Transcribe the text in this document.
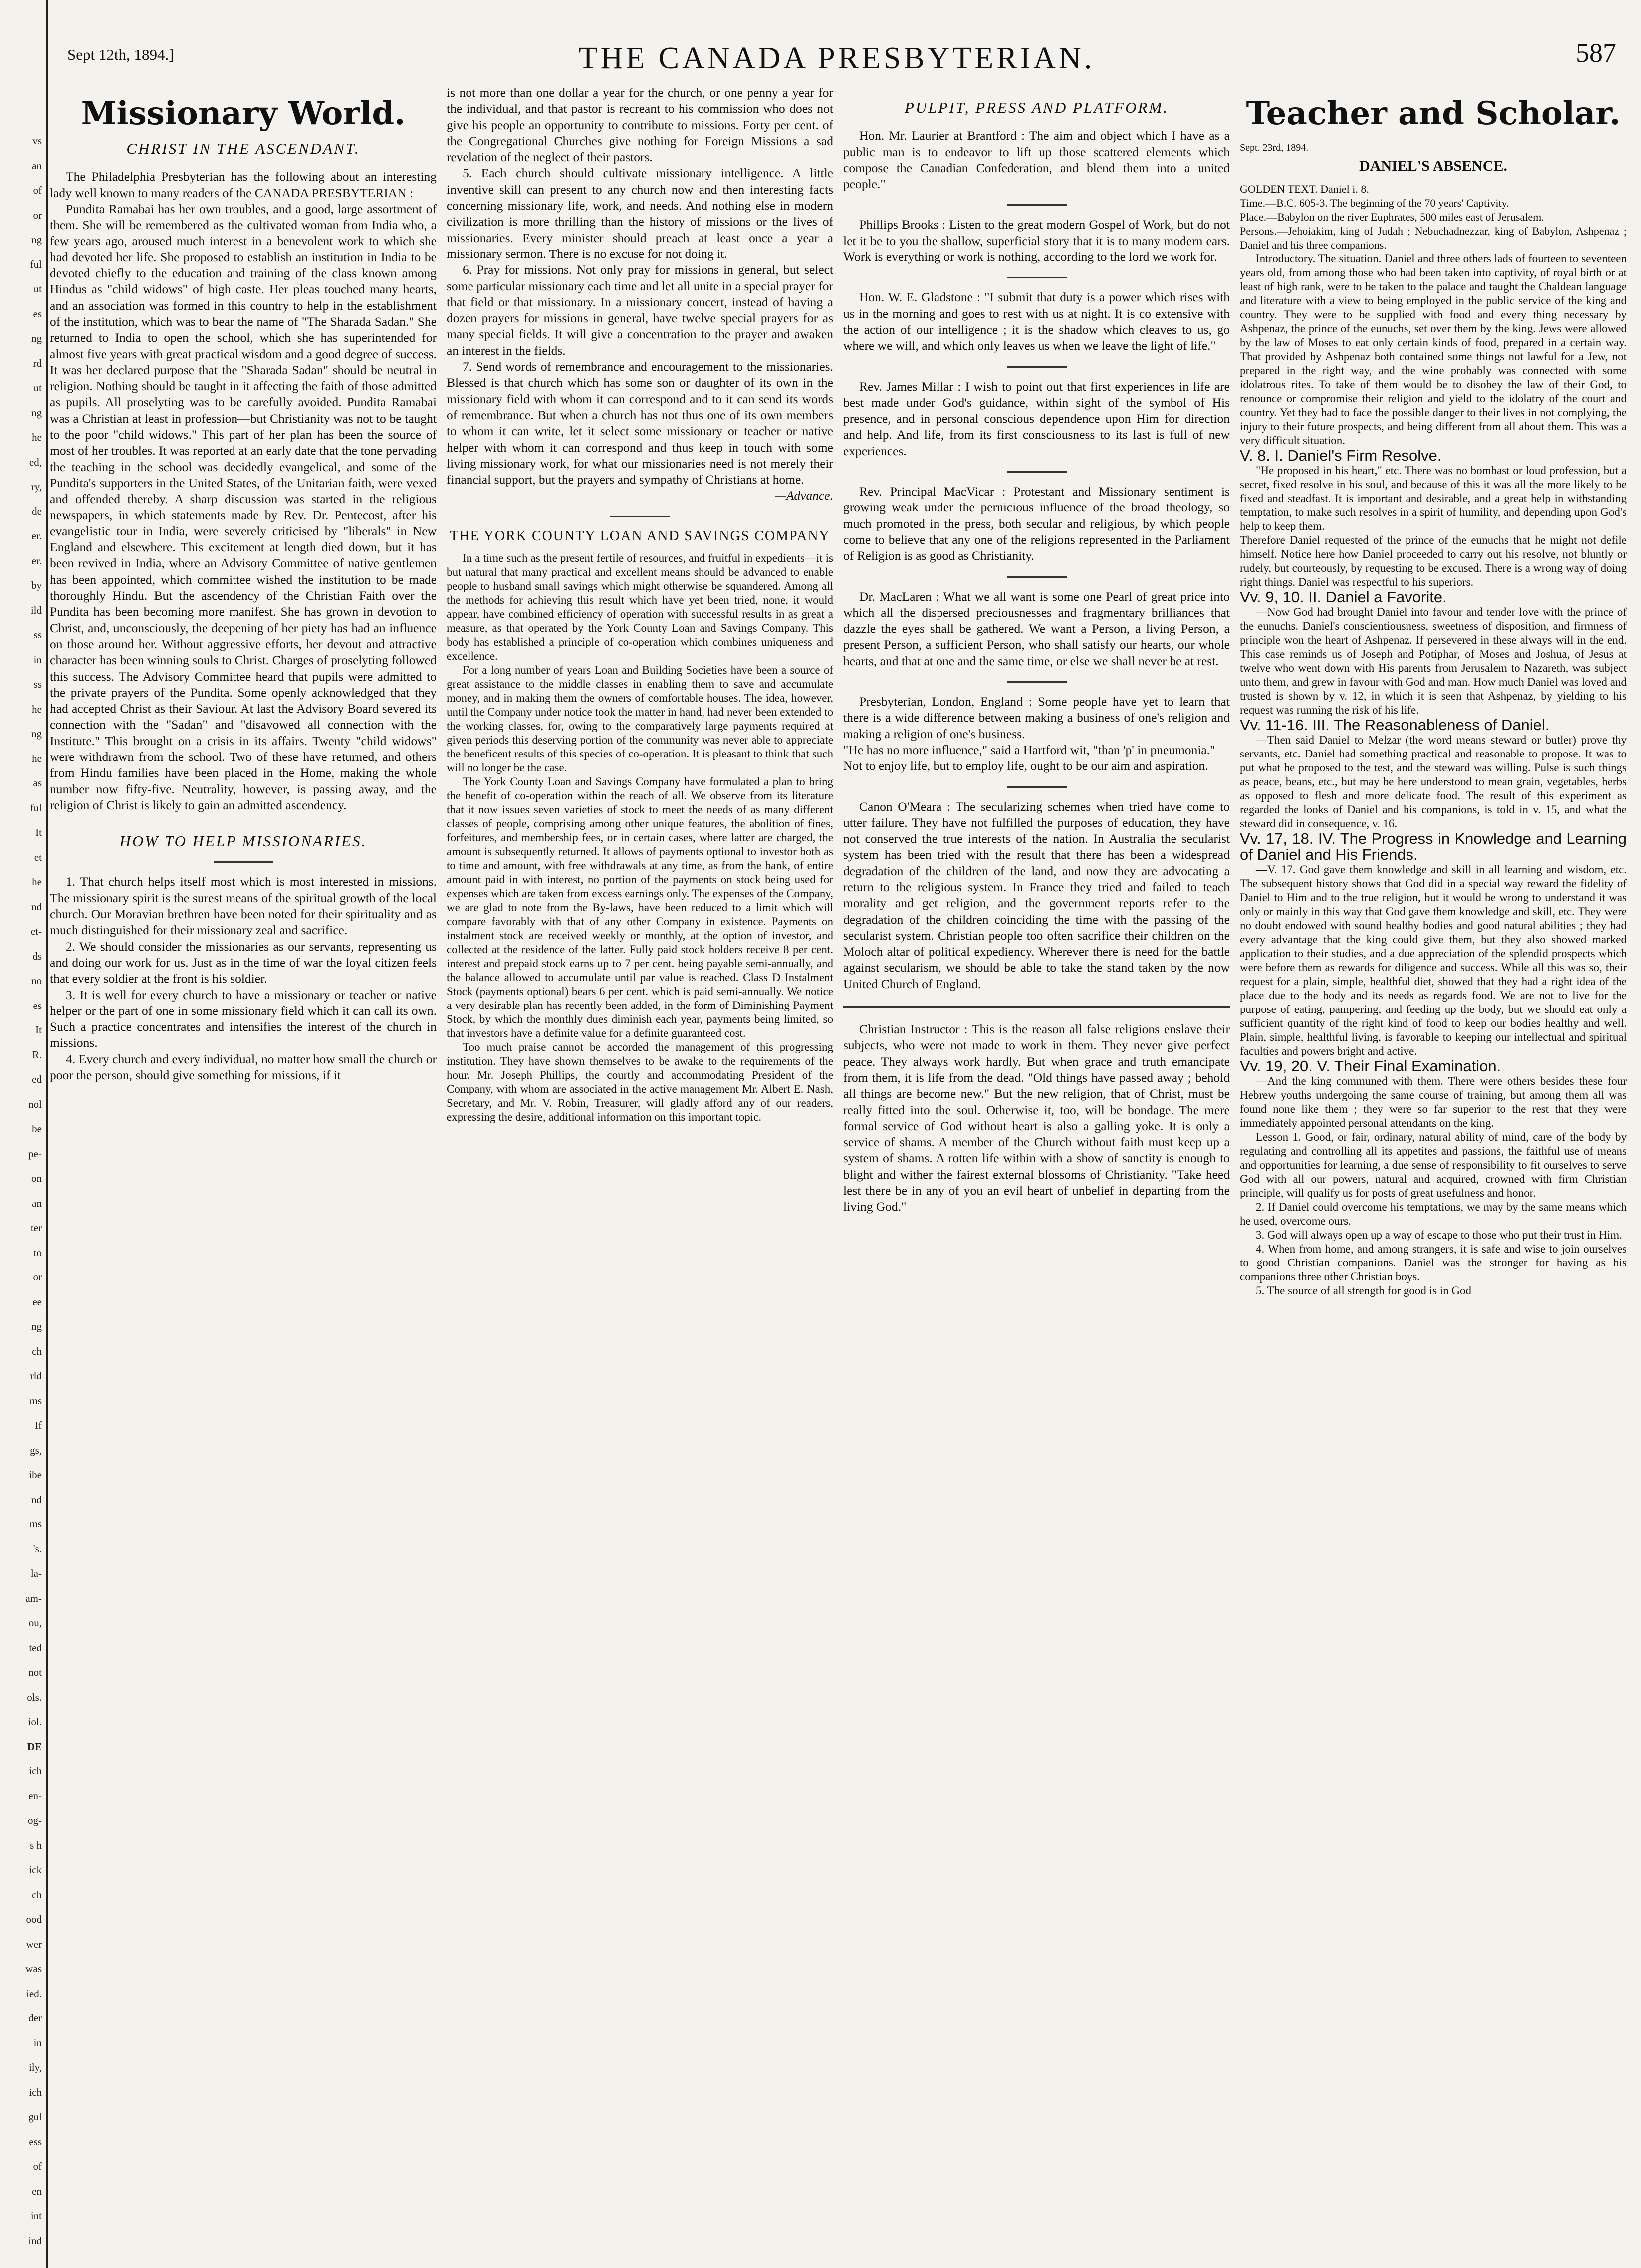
vs
an
of
or
ng
ful
ut
es
ng
rd
ut
ng
he
ed,
ry,
de
er.
er.
by
ild
ss
in
ss
he
ng
he
as
ful
It
et
he
nd
et-
ds
no
es
It
R.
ed
nol
be
pe-
on
an
ter
to
or
ee
ng
ch
rld
ms
If
gs,
ibe
nd
ms
's.
la-
am-
ou,
ted
not
ols.
iol.
DE
ich
en-
og-
s h
ick
ch
ood
wer
was
ied.
der
in
ily,
ich
gul
ess
of
en
int
ind
Sept 12th, 1894.]	THE CANADA PRESBYTERIAN.	587
Missionary World.
CHRIST IN THE ASCENDANT.

The Philadelphia Presbyterian has the following about an interesting lady well known to many readers of the CANADA PRESBYTERIAN :

Pundita Ramabai has her own troubles, and a good, large assortment of them. She will be remembered as the cultivated woman from India who, a few years ago, aroused much interest in a benevolent work to which she had devoted her life. She proposed to establish an institution in India to be devoted chiefly to the education and training of the class known among Hindus as "child widows" of high caste. Her pleas touched many hearts, and an association was formed in this country to help in the establishment of the institution, which was to bear the name of "The Sharada Sadan." She returned to India to open the school, which she has superintended for almost five years with great practical wisdom and a good degree of success. It was her declared purpose that the "Sharada Sadan" should be neutral in religion. Nothing should be taught in it affecting the faith of those admitted as pupils. All proselyting was to be carefully avoided. Pundita Ramabai was a Christian at least in profession—but Christianity was not to be taught to the poor "child widows." This part of her plan has been the source of most of her troubles. It was reported at an early date that the tone pervading the teaching in the school was decidedly evangelical, and some of the Pundita's supporters in the United States, of the Unitarian faith, were vexed and offended thereby. A sharp discussion was started in the religious newspapers, in which statements made by Rev. Dr. Pentecost, after his evangelistic tour in India, were severely criticised by "liberals" in New England and elsewhere. This excitement at length died down, but it has been revived in India, where an Advisory Committee of native gentlemen has been appointed, which committee wished the institution to be made thoroughly Hindu. But the ascendency of the Christian Faith over the Pundita has been becoming more manifest. She has grown in devotion to Christ, and, unconsciously, the deepening of her piety has had an influence on those around her. Without aggressive efforts, her devout and attractive character has been winning souls to Christ. Charges of proselyting followed this success. The Advisory Committee heard that pupils were admitted to the private prayers of the Pundita. Some openly acknowledged that they had accepted Christ as their Saviour. At last the Advisory Board severed its connection with the "Sadan" and "disavowed all connection with the Institute." This brought on a crisis in its affairs. Twenty "child widows" were withdrawn from the school. Two of these have returned, and others from Hindu families have been placed in the Home, making the whole number now fifty-five. Neutrality, however, is passing away, and the religion of Christ is likely to gain an admitted ascendency.

HOW TO HELP MISSIONARIES.

1. That church helps itself most which is most interested in missions. The missionary spirit is the surest means of the spiritual growth of the local church. Our Moravian brethren have been noted for their spirituality and as much distinguished for their missionary zeal and sacrifice.

2. We should consider the missionaries as our servants, representing us and doing our work for us. Just as in the time of war the loyal citizen feels that every soldier at the front is his soldier.

3. It is well for every church to have a missionary or teacher or native helper or the part of one in some missionary field which it can call its own. Such a practice concentrates and intensifies the interest of the church in missions.

4. Every church and every individual, no matter how small the church or poor the person, should give something for missions, if it

is not more than one dollar a year for the church, or one penny a year for the individual, and that pastor is recreant to his commission who does not give his people an opportunity to contribute to missions. Forty per cent. of the Congregational Churches give nothing for Foreign Missions a sad revelation of the neglect of their pastors.

5. Each church should cultivate missionary intelligence. A little inventive skill can present to any church now and then interesting facts concerning missionary life, work, and needs. And nothing else in modern civilization is more thrilling than the history of missions or the lives of missionaries. Every minister should preach at least once a year a missionary sermon. There is no excuse for not doing it.

6. Pray for missions. Not only pray for missions in general, but select some particular missionary each time and let all unite in a special prayer for that field or that missionary. In a missionary concert, instead of having a dozen prayers for missions in general, have twelve special prayers for as many special fields. It will give a concentration to the prayer and awaken an interest in the fields.

7. Send words of remembrance and encouragement to the missionaries. Blessed is that church which has some son or daughter of its own in the missionary field with whom it can correspond and to it can send its words of remembrance. But when a church has not thus one of its own members to whom it can write, let it select some missionary or teacher or native helper with whom it can correspond and thus keep in touch with some living missionary work, for what our missionaries need is not merely their financial support, but the prayers and sympathy of Christians at home.

—Advance.
THE YORK COUNTY LOAN AND SAVINGS COMPANY

In a time such as the present fertile of resources, and fruitful in expedients—it is but natural that many practical and excellent means should be advanced to enable people to husband small savings which might otherwise be squandered. Among all the methods for achieving this result which have yet been tried, none, it would appear, have combined efficiency of operation with successful results in as great a measure, as that operated by the York County Loan and Savings Company. This body has established a principle of co-operation which combines uniqueness and excellence.

For a long number of years Loan and Building Societies have been a source of great assistance to the middle classes in enabling them to save and accumulate money, and in making them the owners of comfortable houses. The idea, however, until the Company under notice took the matter in hand, had never been extended to the working classes, for, owing to the comparatively large payments required at given periods this deserving portion of the community was never able to appreciate the beneficent results of this species of co-operation. It is pleasant to think that such will no longer be the case.

The York County Loan and Savings Company have formulated a plan to bring the benefit of co-operation within the reach of all. We observe from its literature that it now issues seven varieties of stock to meet the needs of as many different classes of people, comprising among other unique features, the abolition of fines, forfeitures, and membership fees, or in certain cases, where latter are charged, the amount is subsequently returned. It allows of payments optional to investor both as to time and amount, with free withdrawals at any time, as from the bank, of entire amount paid in with interest, no portion of the payments on stock being used for expenses which are taken from excess earnings only. The expenses of the Company, we are glad to note from the By-laws, have been reduced to a limit which will compare favorably with that of any other Company in existence. Payments on instalment stock are received weekly or monthly, at the option of investor, and collected at the residence of the latter. Fully paid stock holders receive 8 per cent. interest and prepaid stock earns up to 7 per cent. being payable semi-annually, and the balance allowed to accumulate until par value is reached. Class D Instalment Stock (payments optional) bears 6 per cent. which is paid semi-annually. We notice a very desirable plan has recently been added, in the form of Diminishing Payment Stock, by which the monthly dues diminish each year, payments being limited, so that investors have a definite value for a definite guaranteed cost.

Too much praise cannot be accorded the management of this progressing institution. They have shown themselves to be awake to the requirements of the hour. Mr. Joseph Phillips, the courtly and accommodating President of the Company, with whom are associated in the active management Mr. Albert E. Nash, Secretary, and Mr. V. Robin, Treasurer, will gladly afford any of our readers, expressing the desire, additional information on this important topic.

PULPIT, PRESS AND PLATFORM.

Hon. Mr. Laurier at Brantford : The aim and object which I have as a public man is to endeavor to lift up those scattered elements which compose the Canadian Confederation, and blend them into a united people."

Phillips Brooks : Listen to the great modern Gospel of Work, but do not let it be to you the shallow, superficial story that it is to many modern ears. Work is everything or work is nothing, according to the lord we work for.

Hon. W. E. Gladstone : "I submit that duty is a power which rises with us in the morning and goes to rest with us at night. It is co extensive with the action of our intelligence ; it is the shadow which cleaves to us, go where we will, and which only leaves us when we leave the light of life."

Rev. James Millar : I wish to point out that first experiences in life are best made under God's guidance, within sight of the symbol of His presence, and in personal conscious dependence upon Him for direction and help. And life, from its first consciousness to its last is full of new experiences.

Rev. Principal MacVicar : Protestant and Missionary sentiment is growing weak under the pernicious influence of the broad theology, so much promoted in the press, both secular and religious, by which people come to believe that any one of the religions represented in the Parliament of Religion is as good as Christianity.

Dr. MacLaren : What we all want is some one Pearl of great price into which all the dispersed preciousnesses and fragmentary brilliances that dazzle the eyes shall be gathered. We want a Person, a living Person, a present Person, a sufficient Person, who shall satisfy our hearts, our whole hearts, and that at one and the same time, or else we shall never be at rest.

Presbyterian, London, England : Some people have yet to learn that there is a wide difference between making a business of one's religion and making a religion of one's business.
"He has no more influence," said a Hartford wit, "than 'p' in pneumonia."
Not to enjoy life, but to employ life, ought to be our aim and aspiration.

Canon O'Meara : The secularizing schemes when tried have come to utter failure. They have not fulfilled the purposes of education, they have not conserved the true interests of the nation. In Australia the secularist system has been tried with the result that there has been a widespread degradation of the children of the land, and now they are advocating a return to the religious system. In France they tried and failed to teach morality and get religion, and the government reports refer to the degradation of the children coinciding the time with the passing of the secularist system. Christian people too often sacrifice their children on the Moloch altar of political expediency. Wherever there is need for the battle against secularism, we should be able to take the stand taken by the now United Church of England.

Christian Instructor : This is the reason all false religions enslave their subjects, who were not made to work in them. They never give perfect peace. They always work hardly. But when grace and truth emancipate from them, it is life from the dead. "Old things have passed away ; behold all things are become new." But the new religion, that of Christ, must be really fitted into the soul. Otherwise it, too, will be bondage. The mere formal service of God without heart is also a galling yoke. It is only a service of shams. A member of the Church without faith must keep up a system of shams. A rotten life within with a show of sanctity is enough to blight and wither the fairest external blossoms of Christianity. "Take heed lest there be in any of you an evil heart of unbelief in departing from the living God."

Teacher and Scholar.
Sept. 23rd, 1894.
DANIEL'S ABSENCE.

GOLDEN TEXT. Daniel i. 8.

Time.—B.C. 605-3. The beginning of the 70 years' Captivity.

Place.—Babylon on the river Euphrates, 500 miles east of Jerusalem.

Persons.—Jehoiakim, king of Judah ; Nebuchadnezzar, king of Babylon, Ashpenaz ; Daniel and his three companions.

Introductory. The situation. Daniel and three others lads of fourteen to seventeen years old, from among those who had been taken into captivity, of royal birth or at least of high rank, were to be taken to the palace and taught the Chaldean language and literature with a view to being employed in the public service of the king and country. They were to be supplied with food and every thing necessary by Ashpenaz, the prince of the eunuchs, set over them by the king. Jews were allowed by the law of Moses to eat only certain kinds of food, prepared in a certain way. That provided by Ashpenaz both contained some things not lawful for a Jew, not prepared in the right way, and the wine probably was connected with some idolatrous rites. To take of them would be to disobey the law of their God, to renounce or compromise their religion and yield to the idolatry of the court and country. Yet they had to face the possible danger to their lives in not complying, the injury to their future prospects, and being different from all about them. This was a very difficult situation.

V. 8. I. Daniel's Firm Resolve.

"He proposed in his heart," etc. There was no bombast or loud profession, but a secret, fixed resolve in his soul, and because of this it was all the more likely to be fixed and steadfast. It is important and desirable, and a great help in withstanding temptation, to make such resolves in a spirit of humility, and depending upon God's help to keep them.
Therefore Daniel requested of the prince of the eunuchs that he might not defile himself. Notice here how Daniel proceeded to carry out his resolve, not bluntly or rudely, but courteously, by requesting to be excused. There is a wrong way of doing right things. Daniel was respectful to his superiors.

Vv. 9, 10. II. Daniel a Favorite.

—Now God had brought Daniel into favour and tender love with the prince of the eunuchs. Daniel's conscientiousness, sweetness of disposition, and firmness of principle won the heart of Ashpenaz. If persevered in these always will in the end. This case reminds us of Joseph and Potiphar, of Moses and Joshua, of Jesus at twelve who went down with His parents from Jerusalem to Nazareth, was subject unto them, and grew in favour with God and man. How much Daniel was loved and trusted is shown by v. 12, in which it is seen that Ashpenaz, by yielding to his request was running the risk of his life.

Vv. 11-16. III. The Reasonableness of Daniel.

—Then said Daniel to Melzar (the word means steward or butler) prove thy servants, etc. Daniel had something practical and reasonable to propose. It was to put what he proposed to the test, and the steward was willing. Pulse is such things as peace, beans, etc., but may be here understood to mean grain, vegetables, herbs as opposed to flesh and more delicate food. The result of this experiment as regarded the looks of Daniel and his companions, is told in v. 15, and what the steward did in consequence, v. 16.

Vv. 17, 18. IV. The Progress in Knowledge and Learning of Daniel and His Friends.

—V. 17. God gave them knowledge and skill in all learning and wisdom, etc. The subsequent history shows that God did in a special way reward the fidelity of Daniel to Him and to the true religion, but it would be wrong to understand it was only or mainly in this way that God gave them knowledge and skill, etc. They were no doubt endowed with sound healthy bodies and good natural abilities ; they had every advantage that the king could give them, but they also showed marked application to their studies, and a due appreciation of the splendid prospects which were before them as rewards for diligence and success. While all this was so, their request for a plain, simple, healthful diet, showed that they had a right idea of the place due to the body and its needs as regards food. We are not to live for the purpose of eating, pampering, and feeding up the body, but we should eat only a sufficient quantity of the right kind of food to keep our bodies healthy and well. Plain, simple, healthful living, is favorable to keeping our intellectual and spiritual faculties and powers bright and active.

Vv. 19, 20. V. Their Final Examination.

—And the king communed with them. There were others besides these four Hebrew youths undergoing the same course of training, but among them all was found none like them ; they were so far superior to the rest that they were immediately appointed personal attendants on the king.

Lesson 1. Good, or fair, ordinary, natural ability of mind, care of the body by regulating and controlling all its appetites and passions, the faithful use of means and opportunities for learning, a due sense of responsibility to fit ourselves to serve God with all our powers, natural and acquired, crowned with firm Christian principle, will qualify us for posts of great usefulness and honor.

2. If Daniel could overcome his temptations, we may by the same means which he used, overcome ours.

3. God will always open up a way of escape to those who put their trust in Him.

4. When from home, and among strangers, it is safe and wise to join ourselves to good Christian companions. Daniel was the stronger for having as his companions three other Christian boys.

5. The source of all strength for good is in God
